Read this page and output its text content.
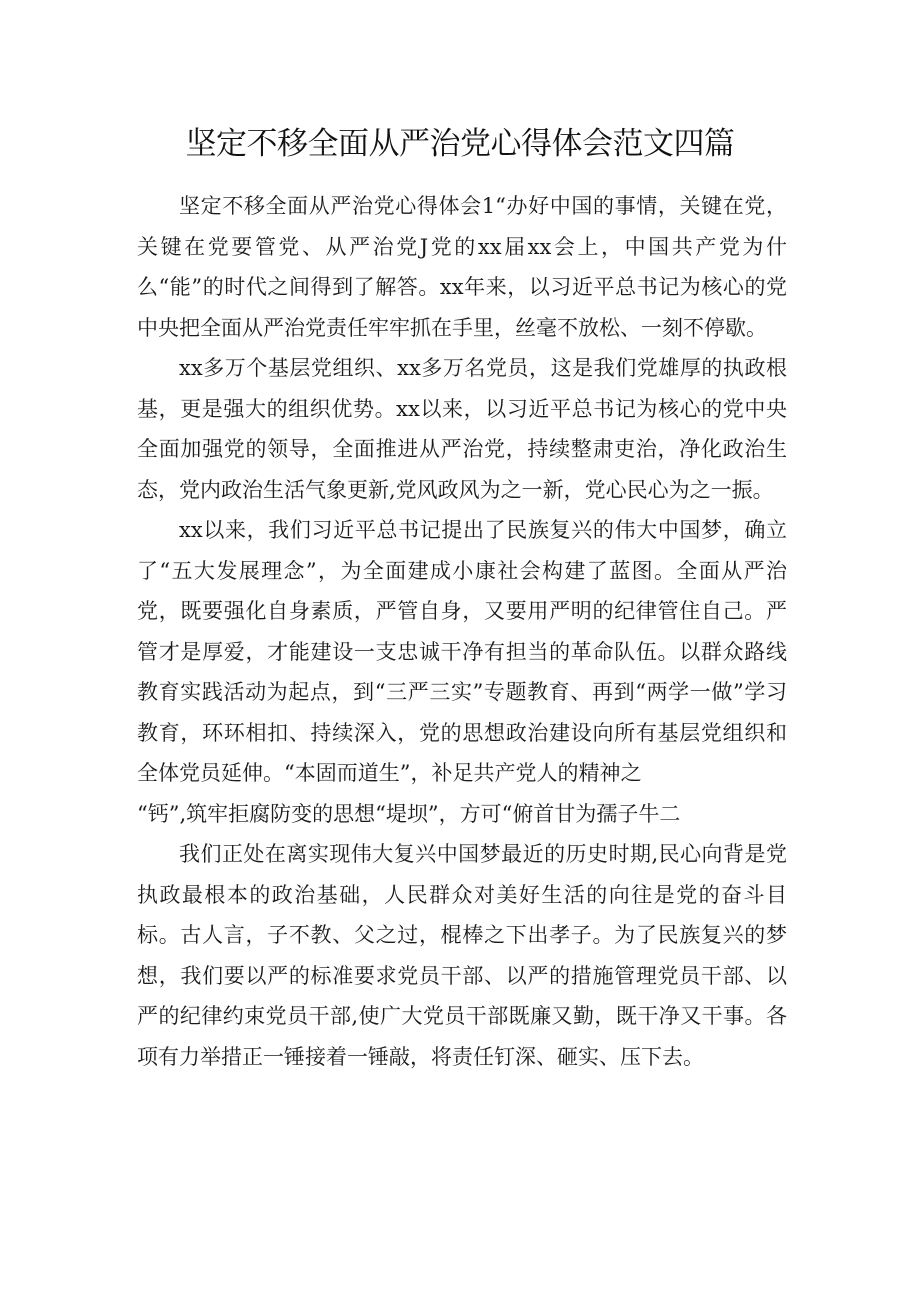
坚定不移全面从严治党心得体会范文四篇

坚定不移全面从严治党心得体会1“办好中国的事情，关键在党，关键在党要管党、从严治党J党的xx届xx会上，中国共产党为什么“能”的时代之间得到了解答。xx年来，以习近平总书记为核心的党中央把全面从严治党责任牢牢抓在手里，丝毫不放松、一刻不停歇。

xx多万个基层党组织、xx多万名党员，这是我们党雄厚的执政根基，更是强大的组织优势。xx以来，以习近平总书记为核心的党中央全面加强党的领导，全面推进从严治党，持续整肃吏治，净化政治生态，党内政治生活气象更新,党风政风为之一新，党心民心为之一振。

xx以来，我们习近平总书记提出了民族复兴的伟大中国梦，确立了“五大发展理念”，为全面建成小康社会构建了蓝图。全面从严治党，既要强化自身素质，严管自身，又要用严明的纪律管住自己。严管才是厚爱，才能建设一支忠诚干净有担当的革命队伍。以群众路线教育实践活动为起点，到“三严三实”专题教育、再到“两学一做”学习教育，环环相扣、持续深入，党的思想政治建设向所有基层党组织和全体党员延伸。“本固而道生”，补足共产党人的精神之

“钙”,筑牢拒腐防变的思想“堤坝”，方可“俯首甘为孺子牛二

我们正处在离实现伟大复兴中国梦最近的历史时期,民心向背是党执政最根本的政治基础，人民群众对美好生活的向往是党的奋斗目标。古人言，子不教、父之过，棍棒之下出孝子。为了民族复兴的梦想，我们要以严的标准要求党员干部、以严的措施管理党员干部、以严的纪律约束党员干部,使广大党员干部既廉又勤，既干净又干事。各项有力举措正一锤接着一锤敲，将责任钉深、砸实、压下去。
